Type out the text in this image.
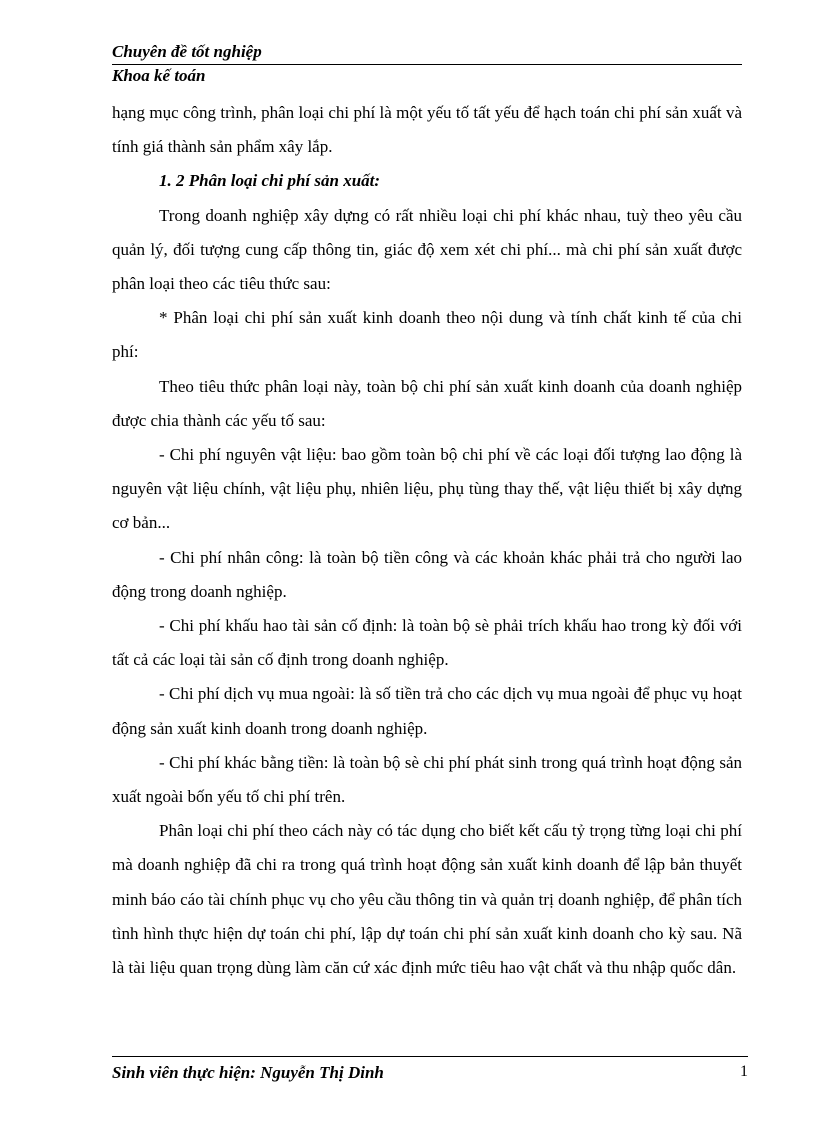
Chuyên đề tốt nghiệp
Khoa kế toán

hạng mục công trình, phân loại chi phí là một yếu tố tất yếu để hạch toán chi phí sản xuất và tính giá thành sản phẩm xây lắp.

1. 2 Phân loại chi phí sản xuất:

Trong doanh nghiệp xây dựng có rất nhiều loại chi phí khác nhau, tuỳ theo yêu cầu quản lý, đối tượng cung cấp thông tin, giác độ xem xét chi phí... mà chi phí sản xuất được phân loại theo các tiêu thức sau:

* Phân loại chi phí sản xuất kinh doanh theo nội dung và tính chất kinh tế của chi phí:

Theo tiêu thức phân loại này, toàn bộ chi phí sản xuất kinh doanh của doanh nghiệp được chia thành các yếu tố sau:

- Chi phí nguyên vật liệu: bao gồm toàn bộ chi phí về các loại đối tượng lao động là nguyên vật liệu chính, vật liệu phụ, nhiên liệu, phụ tùng thay thế, vật liệu thiết bị xây dựng cơ bản...

- Chi phí nhân công: là toàn bộ tiền công và các khoản khác phải trả cho người lao động trong doanh nghiệp.

- Chi phí khấu hao tài sản cố định: là toàn bộ sè phải trích khấu hao trong kỳ đối với tất cả các loại tài sản cố định trong doanh nghiệp.

- Chi phí dịch vụ mua ngoài: là số tiền trả cho các dịch vụ mua ngoài để phục vụ hoạt động sản xuất kinh doanh trong doanh nghiệp.

- Chi phí khác bằng tiền: là toàn bộ sè chi phí phát sinh trong quá trình hoạt động sản xuất ngoài bốn yếu tố chi phí trên.

Phân loại chi phí theo cách này có tác dụng cho biết kết cấu tỷ trọng từng loại chi phí mà doanh nghiệp đã chi ra trong quá trình hoạt động sản xuất kinh doanh để lập bản thuyết minh báo cáo tài chính phục vụ cho yêu cầu thông tin và quản trị doanh nghiệp, để phân tích tình hình thực hiện dự toán chi phí, lập dự toán chi phí sản xuất kinh doanh cho kỳ sau. Nã là tài liệu quan trọng dùng làm căn cứ xác định mức tiêu hao vật chất và thu nhập quốc dân.

Sinh viên thực hiện: Nguyễn Thị Dinh	1
